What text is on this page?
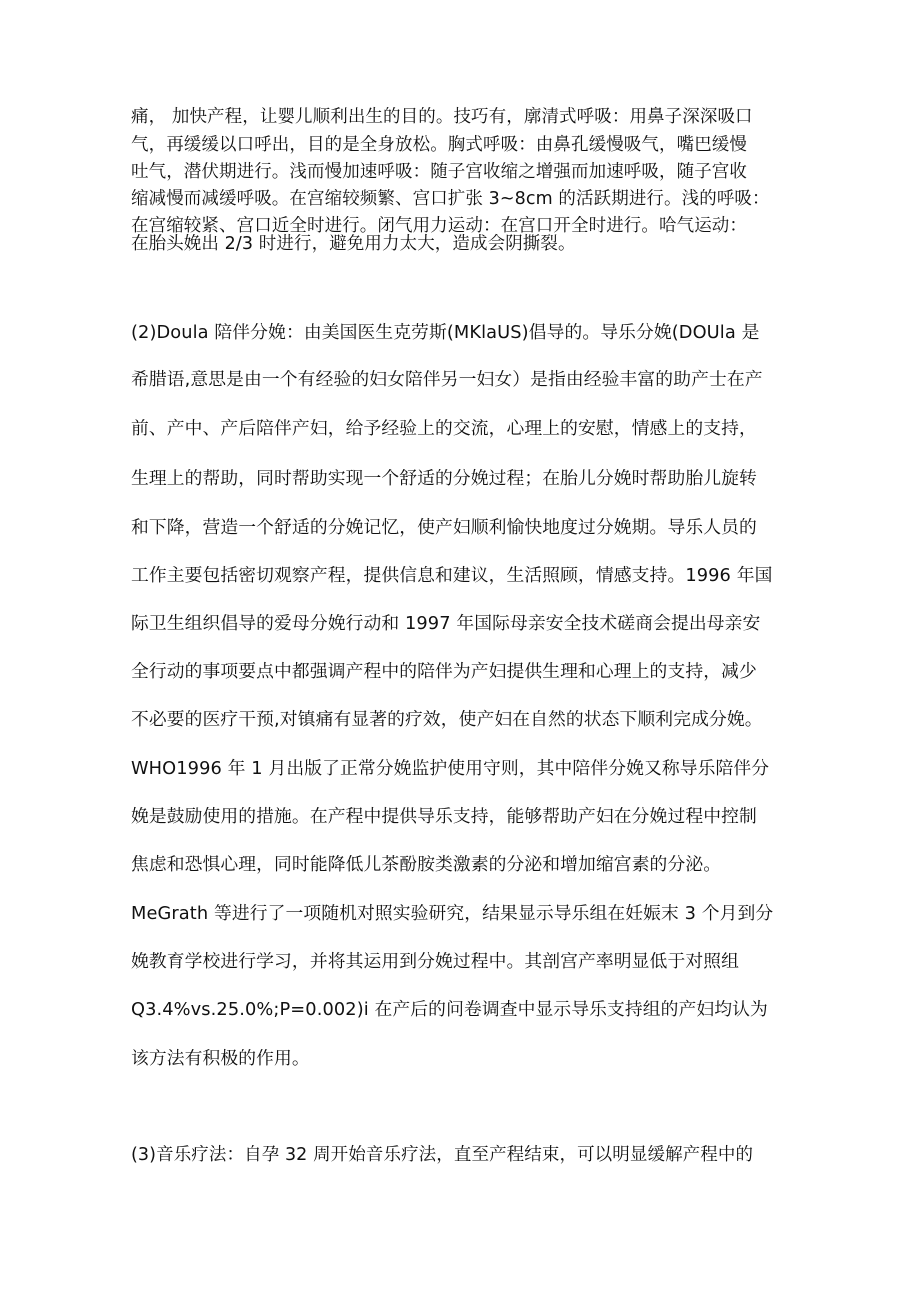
痛， 加快产程，让婴儿顺利出生的目的。技巧有，廓清式呼吸：用鼻子深深吸口
气，再缓缓以口呼出，目的是全身放松。胸式呼吸：由鼻孔缓慢吸气，嘴巴缓慢
吐气，潜伏期进行。浅而慢加速呼吸：随子宫收缩之增强而加速呼吸，随子宫收
缩减慢而减缓呼吸。在宫缩较频繁、宫口扩张 3~8cm 的活跃期进行。浅的呼吸：
在宫缩较紧、宫口近全时进行。闭气用力运动：在宫口开全时进行。哈气运动：
在胎头娩出 2/3 时进行，避免用力太大，造成会阴撕裂。
(2)Doula 陪伴分娩：由美国医生克劳斯(MKlaUS)倡导的。导乐分娩(DOUla 是
希腊语,意思是由一个有经验的妇女陪伴另一妇女）是指由经验丰富的助产士在产
前、产中、产后陪伴产妇，给予经验上的交流，心理上的安慰，情感上的支持，
生理上的帮助，同时帮助实现一个舒适的分娩过程；在胎儿分娩时帮助胎儿旋转
和下降，营造一个舒适的分娩记忆，使产妇顺利愉快地度过分娩期。导乐人员的
工作主要包括密切观察产程，提供信息和建议，生活照顾，情感支持。1996 年国
际卫生组织倡导的爱母分娩行动和 1997 年国际母亲安全技术磋商会提出母亲安
全行动的事项要点中都强调产程中的陪伴为产妇提供生理和心理上的支持，减少
不必要的医疗干预,对镇痛有显著的疗效，使产妇在自然的状态下顺利完成分娩。
WHO1996 年 1 月出版了正常分娩监护使用守则，其中陪伴分娩又称导乐陪伴分
娩是鼓励使用的措施。在产程中提供导乐支持，能够帮助产妇在分娩过程中控制
焦虑和恐惧心理，同时能降低儿茶酚胺类激素的分泌和增加缩宫素的分泌。
MeGrath 等进行了一项随机对照实验研究，结果显示导乐组在妊娠末 3 个月到分
娩教育学校进行学习，并将其运用到分娩过程中。其剖宫产率明显低于对照组
Q3.4%vs.25.0%;P=0.002)i 在产后的问卷调查中显示导乐支持组的产妇均认为
该方法有积极的作用。
(3)音乐疗法：自孕 32 周开始音乐疗法，直至产程结束，可以明显缓解产程中的
